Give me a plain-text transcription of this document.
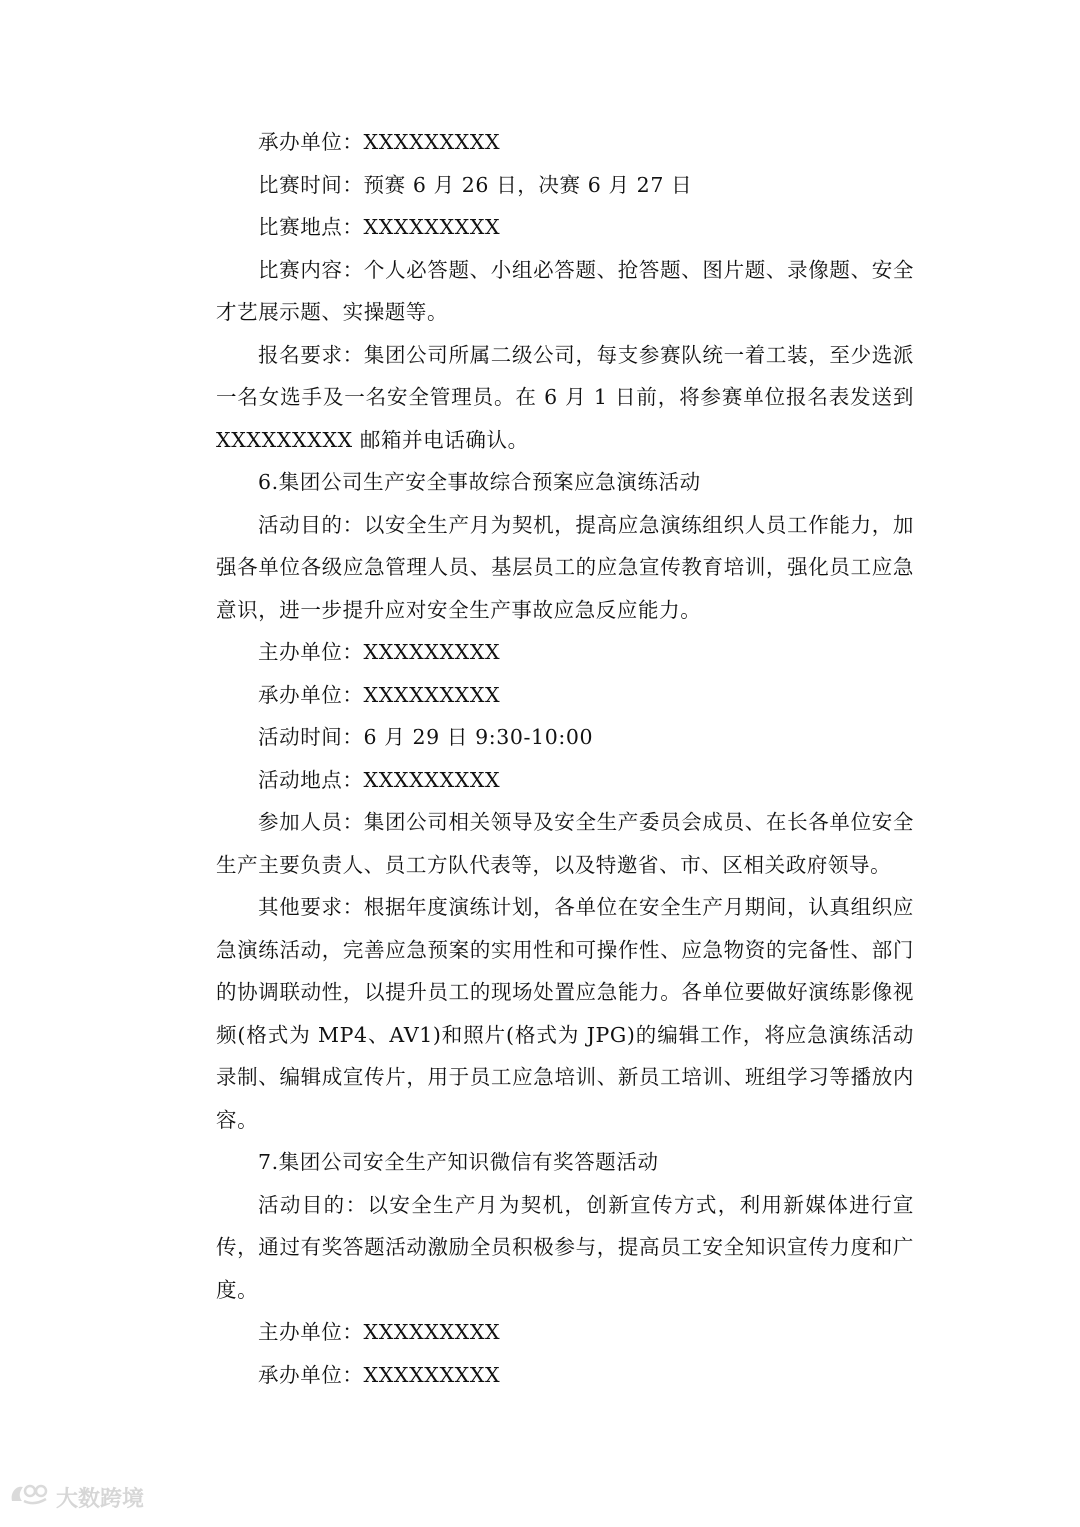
承办单位：XXXXXXXXX

比赛时间：预赛 6 月 26 日，决赛 6 月 27 日

比赛地点：XXXXXXXXX

比赛内容：个人必答题、小组必答题、抢答题、图片题、录像题、安全才艺展示题、实操题等。

报名要求：集团公司所属二级公司，每支参赛队统一着工装，至少选派一名女选手及一名安全管理员。在 6 月 1 日前，将参赛单位报名表发送到 XXXXXXXXX 邮箱并电话确认。

6.集团公司生产安全事故综合预案应急演练活动

活动目的：以安全生产月为契机，提高应急演练组织人员工作能力，加强各单位各级应急管理人员、基层员工的应急宣传教育培训，强化员工应急意识，进一步提升应对安全生产事故应急反应能力。

主办单位：XXXXXXXXX

承办单位：XXXXXXXXX

活动时间：6 月 29 日 9:30-10:00

活动地点：XXXXXXXXX

参加人员：集团公司相关领导及安全生产委员会成员、在长各单位安全生产主要负责人、员工方队代表等，以及特邀省、市、区相关政府领导。

其他要求：根据年度演练计划，各单位在安全生产月期间，认真组织应急演练活动，完善应急预案的实用性和可操作性、应急物资的完备性、部门的协调联动性，以提升员工的现场处置应急能力。各单位要做好演练影像视频(格式为 MP4、AV1)和照片(格式为 JPG)的编辑工作，将应急演练活动录制、编辑成宣传片，用于员工应急培训、新员工培训、班组学习等播放内容。

7.集团公司安全生产知识微信有奖答题活动

活动目的：以安全生产月为契机，创新宣传方式，利用新媒体进行宣传，通过有奖答题活动激励全员积极参与，提高员工安全知识宣传力度和广度。

主办单位：XXXXXXXXX

承办单位：XXXXXXXXX

大数跨境
